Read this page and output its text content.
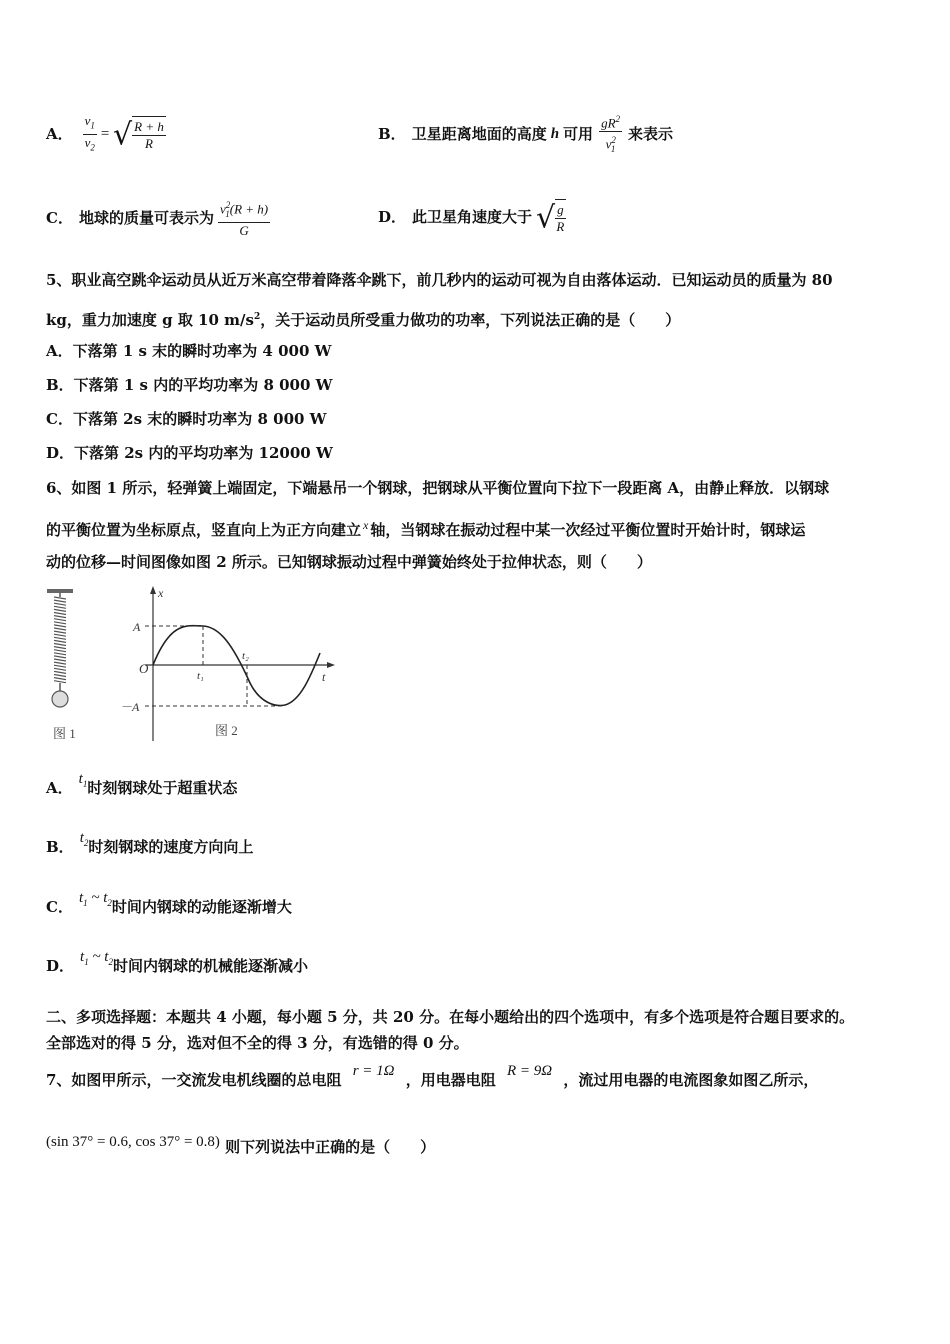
A． $\frac{v_1}{v_2}$ = √ $\frac{R + h}{R}$	B． 卫星距离地面的高度 h 可用 $\frac{gR^2}{v^2_1}$ 来表示
C． 地球的质量可表示为 $\frac{v^2_1(R + h)}{G}$	D． 此卫星角速度大于 √ $\frac{g}{R}$
5、职业高空跳伞运动员从近万米高空带着降落伞跳下，前几秒内的运动可视为自由落体运动．已知运动员的质量为 80
kg，重力加速度 g 取 10 $m/s^2$，关于运动员所受重力做功的功率，下列说法正确的是（　　）
A．下落第 1 s 末的瞬时功率为 4 000 W
B．下落第 1 s 内的平均功率为 8 000 W
C．下落第 2s 末的瞬时功率为 8 000 W
D．下落第 2s 内的平均功率为 12000 W
6、如图 1 所示，轻弹簧上端固定，下端悬吊一个钢球，把钢球从平衡位置向下拉下一段距离 A，由静止释放．以钢球
的平衡位置为坐标原点，竖直向上为正方向建立 $^x$ 轴，当钢球在振动过程中某一次经过平衡位置时开始计时，钢球运
动的位移—时间图像如图 2 所示。已知钢球振动过程中弹簧始终处于拉伸状态，则（　　）
图 1
x
t
A
－A
O	t₁
t₂
图 2
A． $t_1$时刻钢球处于超重状态
B． $t_2$时刻钢球的速度方向向上
C． $t_1$ ~ $t_2$时间内钢球的动能逐渐增大
D． $t_1$ ~ $t_2$时间内钢球的机械能逐渐减小
二、多项选择题：本题共 4 小题，每小题 5 分，共 20 分。在每小题给出的四个选项中，有多个选项是符合题目要求的。
全部选对的得 5 分，选对但不全的得 3 分，有选错的得 0 分。
7、如图甲所示，一交流发电机线圈的总电阻 r = 1Ω ，用电器电阻 R = 9Ω ，流过用电器的电流图象如图乙所示，
(sin 37° = 0.6, cos 37° = 0.8) 则下列说法中正确的是（　　）
